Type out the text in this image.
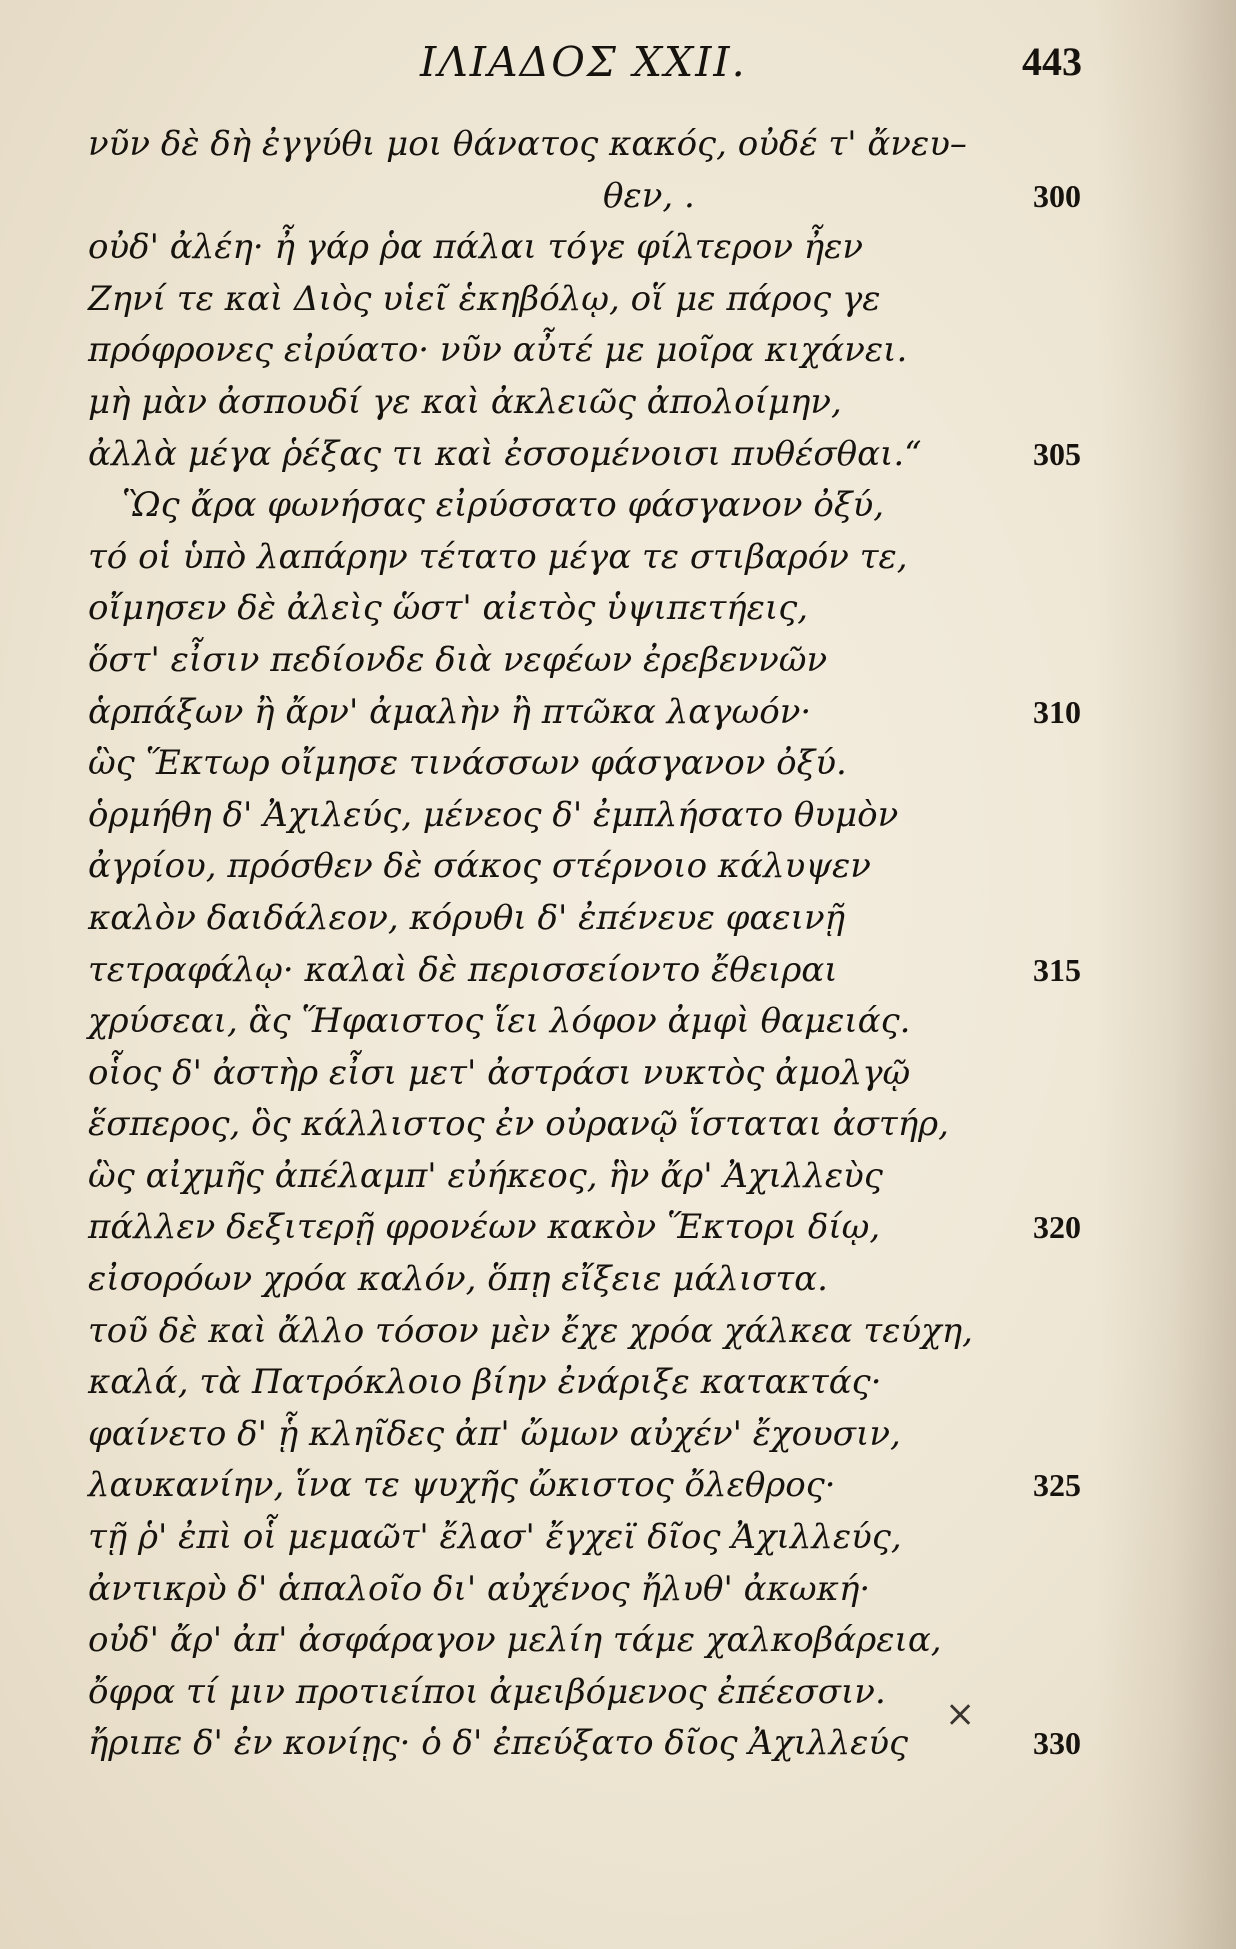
ΙΛΙΑΔΟΣ XXII.	443
νῦν δὲ δὴ ἐγγύθι μοι θάνατος κακός, οὐδέ τ' ἄνευ–
θεν, .	300
οὐδ' ἀλέη· ἦ γάρ ῥα πάλαι τόγε φίλτερον ἦεν
Ζηνί τε καὶ Διὸς υἱεῖ ἑκηβόλῳ, οἵ με πάρος γε
πρόφρονες εἰρύατο· νῦν αὖτέ με μοῖρα κιχάνει.
μὴ μὰν ἀσπουδί γε καὶ ἀκλειῶς ἀπολοίμην,
ἀλλὰ μέγα ῥέξας τι καὶ ἐσσομένοισι πυθέσθαι.“	305
Ὣς ἄρα φωνήσας εἰρύσσατο φάσγανον ὀξύ,
τό οἱ ὑπὸ λαπάρην τέτατο μέγα τε στιβαρόν τε,
οἴμησεν δὲ ἀλεὶς ὥστ' αἰετὸς ὑψιπετήεις,
ὅστ' εἶσιν πεδίονδε διὰ νεφέων ἐρεβεννῶν
ἁρπάξων ἢ ἄρν' ἀμαλὴν ἢ πτῶκα λαγωόν·	310
ὣς Ἕκτωρ οἴμησε τινάσσων φάσγανον ὀξύ.
ὁρμήθη δ' Ἀχιλεύς, μένεος δ' ἐμπλήσατο θυμὸν
ἀγρίου, πρόσθεν δὲ σάκος στέρνοιο κάλυψεν
καλὸν δαιδάλεον, κόρυθι δ' ἐπένευε φαεινῇ
τετραφάλῳ· καλαὶ δὲ περισσείοντο ἔθειραι	315
χρύσεαι, ἃς Ἥφαιστος ἵει λόφον ἀμφὶ θαμειάς.
οἷος δ' ἀστὴρ εἶσι μετ' ἀστράσι νυκτὸς ἀμολγῷ
ἕσπερος, ὃς κάλλιστος ἐν οὐρανῷ ἵσταται ἀστήρ,
ὣς αἰχμῆς ἀπέλαμπ' εὐήκεος, ἣν ἄρ' Ἀχιλλεὺς
πάλλεν δεξιτερῇ φρονέων κακὸν Ἕκτορι δίῳ,	320
εἰσορόων χρόα καλόν, ὅπῃ εἴξειε μάλιστα.
τοῦ δὲ καὶ ἄλλο τόσον μὲν ἔχε χρόα χάλκεα τεύχη,
καλά, τὰ Πατρόκλοιο βίην ἐνάριξε κατακτάς·
φαίνετο δ' ᾗ κληῖδες ἀπ' ὤμων αὐχέν' ἔχουσιν,
λαυκανίην, ἵνα τε ψυχῆς ὤκιστος ὄλεθρος·	325
τῇ ῥ' ἐπὶ οἷ μεμαῶτ' ἔλασ' ἔγχεϊ δῖος Ἀχιλλεύς,
ἀντικρὺ δ' ἁπαλοῖο δι' αὐχένος ἤλυθ' ἀκωκή·
οὐδ' ἄρ' ἀπ' ἀσφάραγον μελίη τάμε χαλκοβάρεια,
ὄφρα τί μιν προτιείποι ἀμειβόμενος ἐπέεσσιν.
ἤριπε δ' ἐν κονίῃς· ὁ δ' ἐπεύξατο δῖος Ἀχιλλεύς	330
×
